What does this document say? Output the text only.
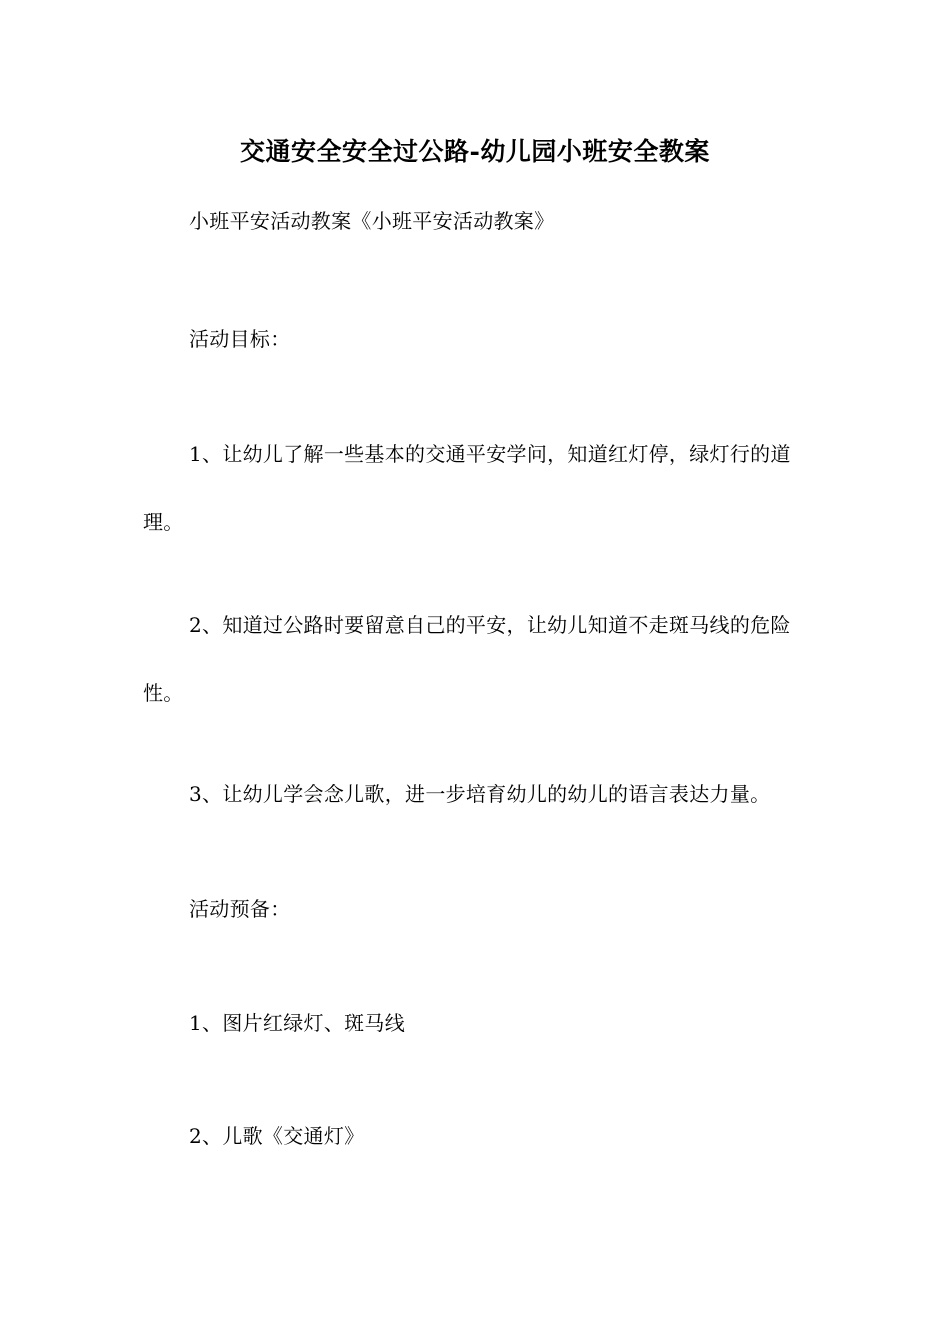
交通安全安全过公路-幼儿园小班安全教案

小班平安活动教案《小班平安活动教案》

活动目标：

1、让幼儿了解一些基本的交通平安学问，知道红灯停，绿灯行的道理。

2、知道过公路时要留意自己的平安，让幼儿知道不走斑马线的危险性。

3、让幼儿学会念儿歌，进一步培育幼儿的幼儿的语言表达力量。

活动预备：

1、图片红绿灯、斑马线

2、儿歌《交通灯》
